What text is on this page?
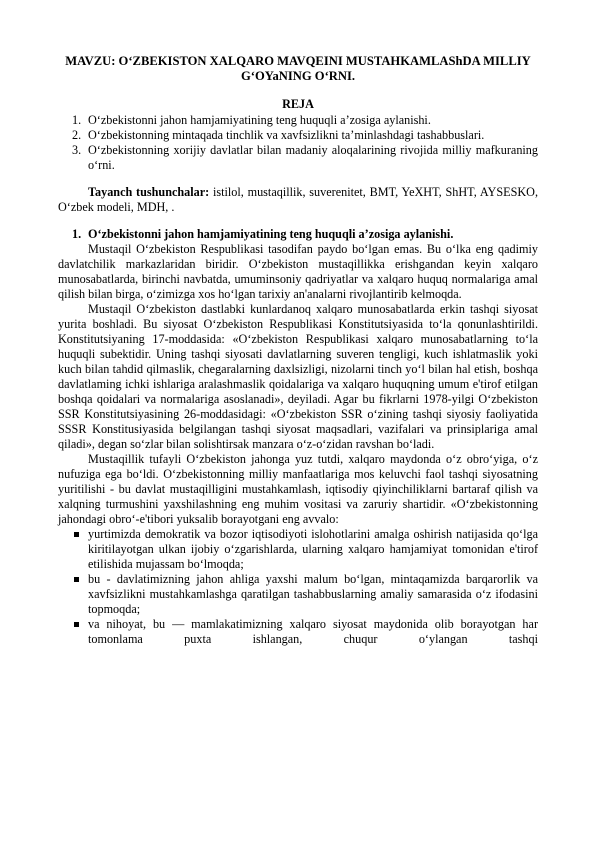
MAVZU: O‘ZBEKISTON XALQARO MAVQEINI MUSTAHKAMLAShDA MILLIY G‘OYaNING O‘RNI.
REJA
1. O‘zbekistonni jahon hamjamiyatining teng huquqli a’zosiga aylanishi.
2. O‘zbekistonning mintaqada tinchlik va xavfsizlikni ta’minlashdagi tashabbuslari.
3. O‘zbekistonning xorijiy davlatlar bilan madaniy aloqalarining rivojida milliy mafkuraning o‘rni.
Tayanch tushunchalar: istilol, mustaqillik, suverenitet, BMT, YeXHT, ShHT, AYSESKO, O‘zbek modeli, MDH, .
1. O‘zbekistonni jahon hamjamiyatining teng huquqli a’zosiga aylanishi.

Mustaqil O‘zbekiston Respublikasi tasodifan paydo bo‘lgan emas. Bu o‘lka eng qadimiy davlatchilik markazlaridan biridir. O‘zbekiston mustaqillikka erishgandan keyin xalqaro munosabatlarda, birinchi navbatda, umuminsoniy qadriyatlar va xalqaro huquq normalariga amal qilish bilan birga, o‘zimizga xos ho‘lgan tarixiy an'analarni rivojlantirib kelmoqda.

Mustaqil O‘zbekiston dastlabki kunlardanoq xalqaro munosabatlarda erkin tashqi siyosat yurita boshladi. Bu siyosat O‘zbekiston Respublikasi Konstitutsiyasida to‘la qonunlashtirildi. Konstitutsiyaning 17-moddasida: «O‘zbekiston Respublikasi xalqaro munosabatlarning to‘la huquqli subektidir. Uning tashqi siyosati davlatlarning suveren tengligi, kuch ishlatmaslik yoki kuch bilan tahdid qilmaslik, chegaralarning daxlsizligi, nizolarni tinch yo‘l bilan hal etish, boshqa davlatlaming ichki ishlariga aralashmaslik qoidalariga va xalqaro huquqning umum e'tirof etilgan boshqa qoidalari va normalariga asoslanadi», deyiladi. Agar bu fikrlarni 1978-yilgi O‘zbekiston SSR Konstitutsiyasining 26-moddasidagi: «O‘zbekiston SSR o‘zining tashqi siyosiy faoliyatida SSSR Konstitusiyasida belgilangan tashqi siyosat maqsadlari, vazifalari va prinsiplariga amal qiladi», degan so‘zlar bilan solishtirsak manzara o‘z-o‘zidan ravshan bo‘ladi.

Mustaqillik tufayli O‘zbekiston jahonga yuz tutdi, xalqaro maydonda o‘z obro‘yiga, o‘z nufuziga ega bo‘ldi. O‘zbekistonning milliy manfaatlariga mos keluvchi faol tashqi siyosatning yuritilishi - bu davlat mustaqilligini mustahkamlash, iqtisodiy qiyinchiliklarni bartaraf qilish va xalqning turmushini yaxshilashning eng muhim vositasi va zaruriy shartidir. «O‘zbekistonning jahondagi obro‘-e'tibori yuksalib borayotgani eng avvalo:

yurtimizda demokratik va bozor iqtisodiyoti islohotlarini amalga oshirish natijasida qo‘lga kiritilayotgan ulkan ijobiy o‘zgarishlarda, ularning xalqaro hamjamiyat tomonidan e'tirof etilishida mujassam bo‘lmoqda;
bu - davlatimizning jahon ahliga yaxshi malum bo‘lgan, mintaqamizda barqarorlik va xavfsizlikni mustahkamlashga qaratilgan tashabbuslarning amaliy samarasida o‘z ifodasini topmoqda;
va nihoyat, bu — mamlakatimizning xalqaro siyosat maydonida olib borayotgan har tomonlama puxta ishlangan, chuqur o‘ylangan tashqi
